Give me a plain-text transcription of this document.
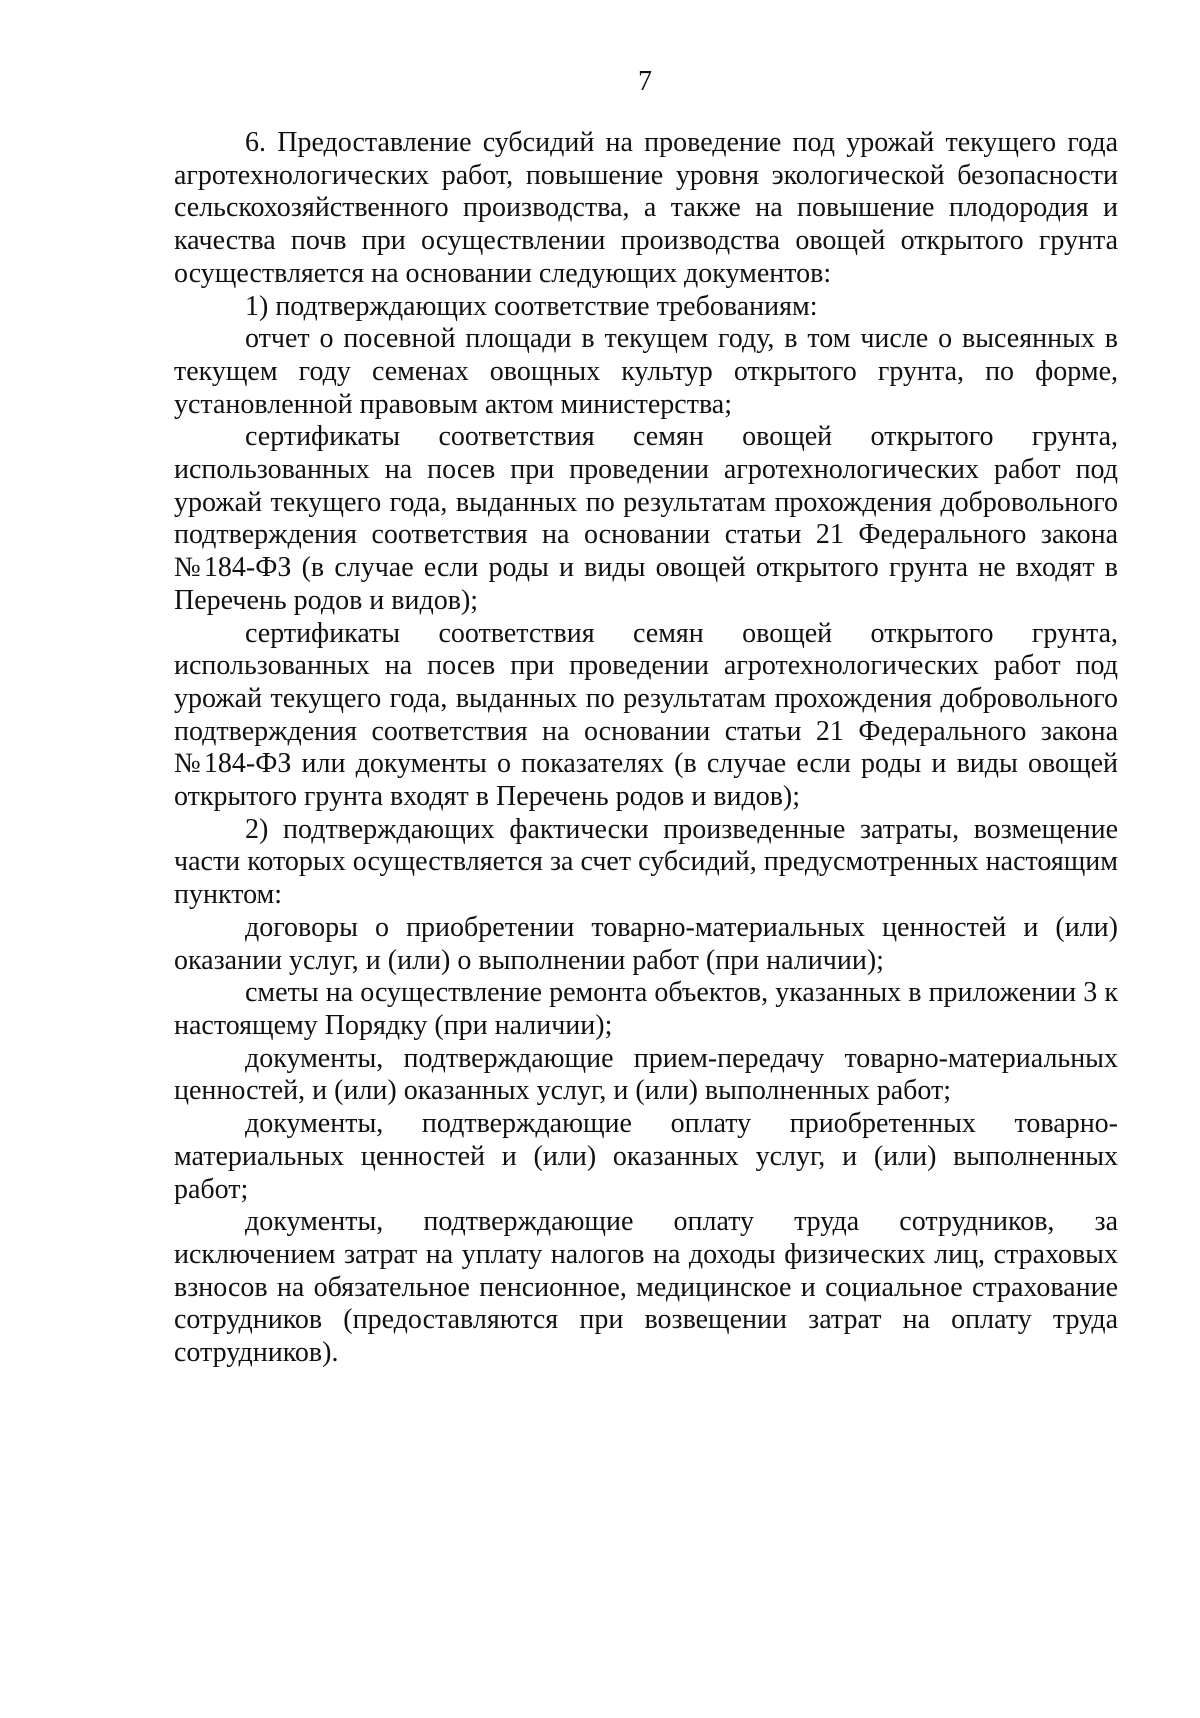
7

6. Предоставление субсидий на проведение под урожай текущего года агротехнологических работ, повышение уровня экологической безопасности сельскохозяйственного производства, а также на повышение плодородия и качества почв при осуществлении производства овощей открытого грунта осуществляется на основании следующих документов:

1) подтверждающих соответствие требованиям:

отчет о посевной площади в текущем году, в том числе о высеянных в текущем году семенах овощных культур открытого грунта, по форме, установленной правовым актом министерства;

сертификаты соответствия семян овощей открытого грунта, использованных на посев при проведении агротехнологических работ под урожай текущего года, выданных по результатам прохождения добровольного подтверждения соответствия на основании статьи 21 Федерального закона №184-ФЗ (в случае если роды и виды овощей открытого грунта не входят в Перечень родов и видов);

сертификаты соответствия семян овощей открытого грунта, использованных на посев при проведении агротехнологических работ под урожай текущего года, выданных по результатам прохождения добровольного подтверждения соответствия на основании статьи 21 Федерального закона №184-ФЗ или документы о показателях (в случае если роды и виды овощей открытого грунта входят в Перечень родов и видов);

2) подтверждающих фактически произведенные затраты, возмещение части которых осуществляется за счет субсидий, предусмотренных настоящим пунктом:

договоры о приобретении товарно-материальных ценностей и (или) оказании услуг, и (или) о выполнении работ (при наличии);

сметы на осуществление ремонта объектов, указанных в приложении 3 к настоящему Порядку (при наличии);

документы, подтверждающие прием-передачу товарно-материальных ценностей, и (или) оказанных услуг, и (или) выполненных работ;

документы, подтверждающие оплату приобретенных товарно-материальных ценностей и (или) оказанных услуг, и (или) выполненных работ;

документы, подтверждающие оплату труда сотрудников, за исключением затрат на уплату налогов на доходы физических лиц, страховых взносов на обязательное пенсионное, медицинское и социальное страхование сотрудников (предоставляются при возвещении затрат на оплату труда сотрудников).
